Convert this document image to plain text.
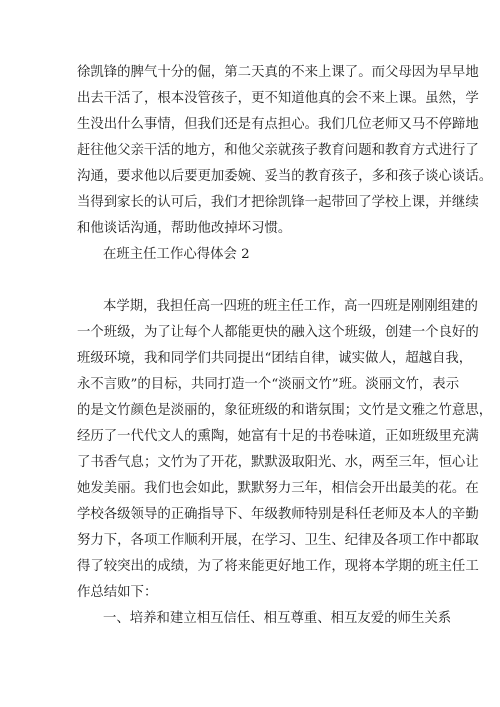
徐凯锋的脾气十分的倔，第二天真的不来上课了。而父母因为早早地
出去干活了，根本没管孩子，更不知道他真的会不来上课。虽然，学
生没出什么事情，但我们还是有点担心。我们几位老师又马不停蹄地
赶往他父亲干活的地方，和他父亲就孩子教育问题和教育方式进行了
沟通，要求他以后要更加委婉、妥当的教育孩子，多和孩子谈心谈话。
当得到家长的认可后，我们才把徐凯锋一起带回了学校上课，并继续
和他谈话沟通，帮助他改掉坏习惯。
在班主任工作心得体会 2
本学期，我担任高一四班的班主任工作，高一四班是刚刚组建的
一个班级，为了让每个人都能更快的融入这个班级，创建一个良好的
班级环境，我和同学们共同提出“团结自律，诚实做人，超越自我，
永不言败”的目标，共同打造一个“淡丽文竹”班。淡丽文竹，表示
的是文竹颜色是淡丽的，象征班级的和谐氛围；文竹是文雅之竹意思，
经历了一代代文人的熏陶，她富有十足的书卷味道，正如班级里充满
了书香气息；文竹为了开花，默默汲取阳光、水，两至三年，恒心让
她发美丽。我们也会如此，默默努力三年，相信会开出最美的花。在
学校各级领导的正确指导下、年级教师特别是科任老师及本人的辛勤
努力下，各项工作顺利开展，在学习、卫生、纪律及各项工作中都取
得了较突出的成绩，为了将来能更好地工作，现将本学期的班主任工
作总结如下：
一、培养和建立相互信任、相互尊重、相互友爱的师生关系
